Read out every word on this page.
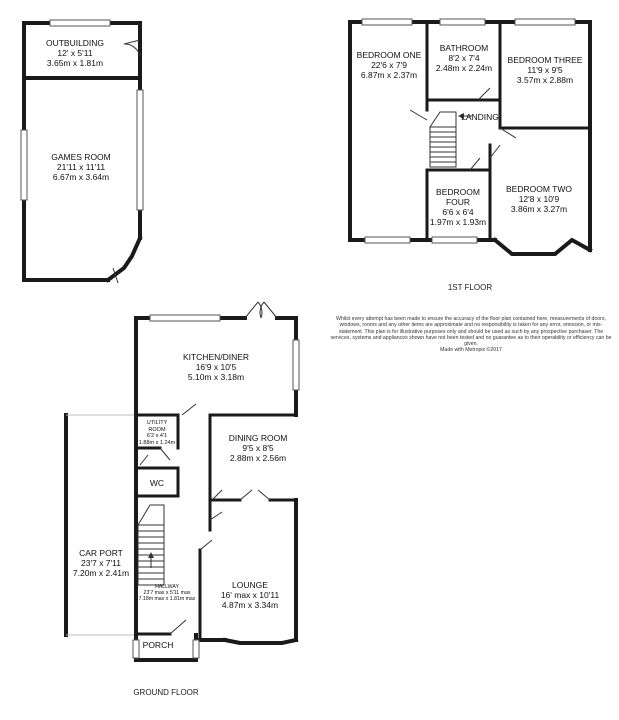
OUTBUILDING
12' x 5'11
3.65m x 1.81m
GAMES ROOM
21'11 x 11'11
6.67m x 3.64m
BEDROOM ONE
22'6 x 7'9
6.87m x 2.37m
BATHROOM
8'2 x 7'4
2.48m x 2.24m
BEDROOM THREE
11'9 x 9'5
3.57m x 2.88m
LANDING
BEDROOM
FOUR
6'6 x 6'4
1.97m x 1.93m
BEDROOM TWO
12'8 x 10'9
3.86m x 3.27m
1ST FLOOR
Whilst every attempt has been made to ensure the accuracy of the floor plan contained here, measurements of doors, windows, rooms and any other items are approximate and no responsibility is taken for any error, omission, or mis-statement. This plan is for illustrative purposes only and should be used as such by any prospective purchaser. The services, systems and appliances shown have not been tested and no guarantee as to their operability or efficiency can be given.
Made with Metropix ©2017
KITCHEN/DINER
16'9 x 10'5
5.10m x 3.18m
UTILITY
ROOM
6'2 x 4'1
1.88m x 1.24m	DINING ROOM
9'5 x 8'5
2.88m x 2.56m
WC
CAR PORT
23'7 x 7'11
7.20m x 2.41m
HALLWAY
23'7 max x 5'11 max
7.18m max x 1.81m max
LOUNGE
16' max x 10'11
4.87m x 3.34m
PORCH
GROUND FLOOR
